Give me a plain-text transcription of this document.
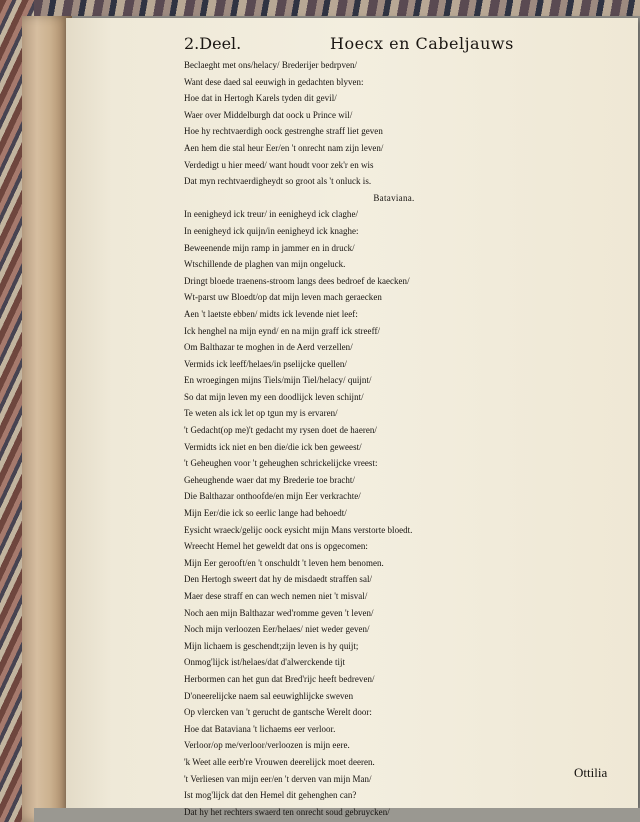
2.Deel.	Hoecx en Cabeljauws
Beclaeght met ons/helacy/ Brederijer bedrpven/
Want dese daed sal eeuwigh in gedachten blyven:
Hoe dat in Hertogh Karels tyden dit gevil/
Waer over Middelburgh dat oock u Prince wil/
Hoe hy rechtvaerdigh oock gestrenghe straff liet geven
Aen hem die stal heur Eer/en 't onrecht nam zijn leven/
Verdedigt u hier meed/ want houdt voor zek'r en wis
Dat myn rechtvaerdigheydt so groot als 't onluck is.
Bataviana.
In eenigheyd ick treur/ in eenigheyd ick claghe/
In eenigheyd ick quijn/in eenigheyd ick knaghe:
Beweenende mijn ramp in jammer en in druck/
Wtschillende de plaghen van mijn ongeluck.
Dringt bloede traenens-stroom langs dees bedroef de kaecken/
Wt-parst uw Bloedt/op dat mijn leven mach geraecken
Aen 't laetste ebben/ midts ick levende niet leef:
Ick henghel na mijn eynd/ en na mijn graff ick streeff/
Om Balthazar te moghen in de Aerd verzellen/
Vermids ick leeff/helaes/in pselijcke quellen/
En wroegingen mijns Tiels/mijn Tiel/helacy/ quijnt/
So dat mijn leven my een doodlijck leven schijnt/
Te weten als ick let op tgun my is ervaren/
't Gedacht(op me)'t gedacht my rysen doet de haeren/
Vermidts ick niet en ben die/die ick ben geweest/
't Geheughen voor 't geheughen schrickelijcke vreest:
Geheughende waer dat my Brederie toe bracht/
Die Balthazar onthoofde/en mijn Eer verkrachte/
Mijn Eer/die ick so eerlic lange had behoedt/
Eysicht wraeck/gelijc oock eysicht mijn Mans verstorte bloedt.
Wreecht Hemel het geweldt dat ons is opgecomen:
Mijn Eer gerooft/en 't onschuldt 't leven hem benomen.
Den Hertogh sweert dat hy de misdaedt straffen sal/
Maer dese straff en can wech nemen niet 't misval/
Noch aen mijn Balthazar wed'romme geven 't leven/
Noch mijn verloozen Eer/helaes/ niet weder geven/
Mijn lichaem is geschendt;zijn leven is hy quijt;
Onmog'lijck ist/helaes/dat d'alwerckende tijt
Herbormen can het gun dat Bred'rijc heeft bedreven/
D'oneerelijcke naem sal eeuwighlijcke sweven
Op vlercken van 't gerucht de gantsche Werelt door:
Hoe dat Bataviana 't lichaems eer verloor.
Verloor/op me/verloor/verloozen is mijn eere.
'k Weet alle eerb're Vrouwen deerelijck moet deeren.
't Verliesen van mijn eer/en 't derven van mijn Man/
Ist mog'lijck dat den Hemel dit gehenghen can?
Dat hy het rechters swaerd ten onrecht soud gebruycken/
Ottilia
